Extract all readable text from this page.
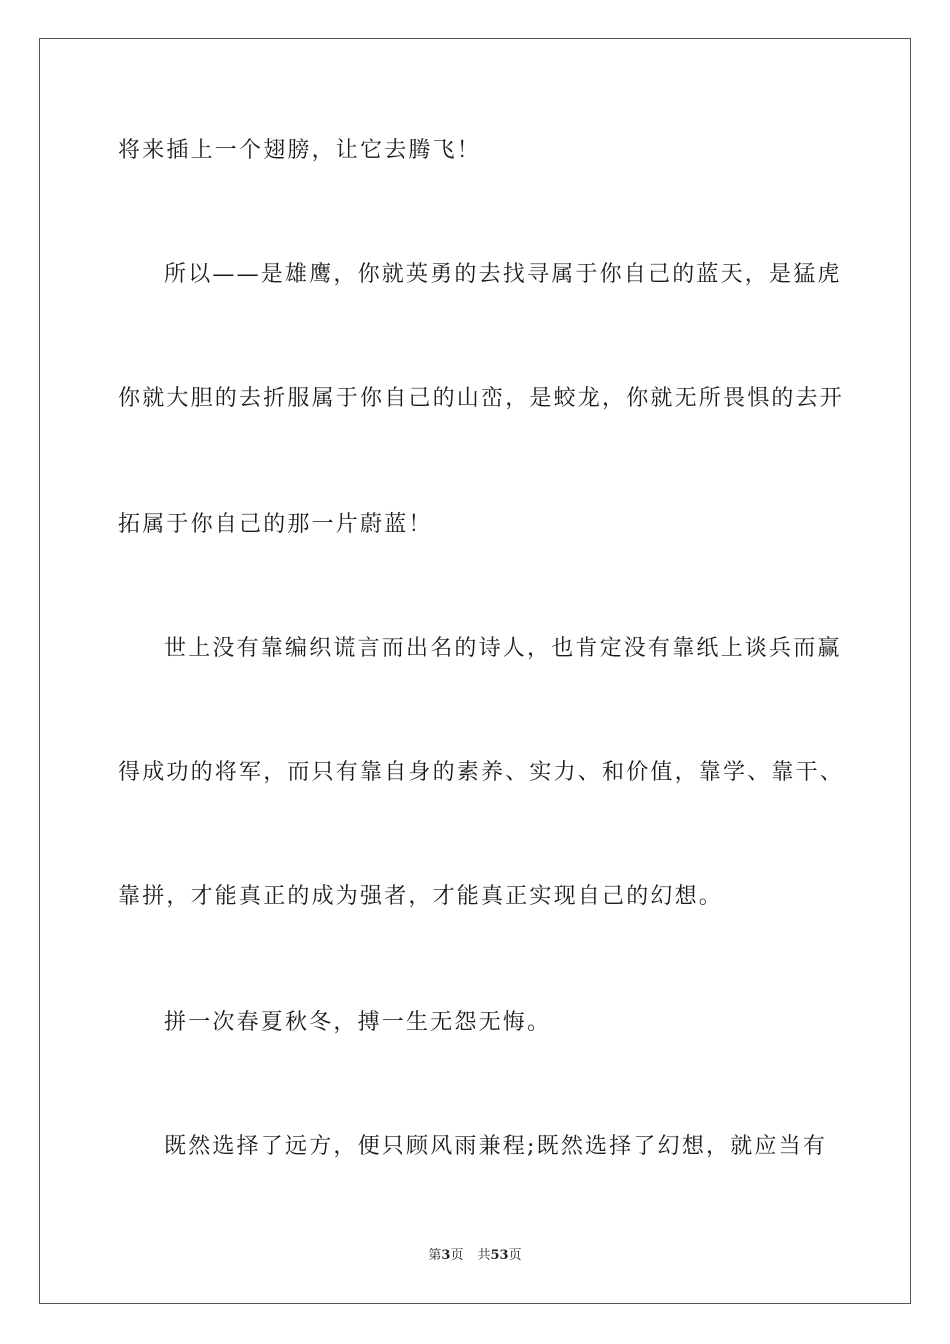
将来插上一个翅膀，让它去腾飞！

所以——是雄鹰，你就英勇的去找寻属于你自己的蓝天，是猛虎

你就大胆的去折服属于你自己的山峦，是蛟龙，你就无所畏惧的去开

拓属于你自己的那一片蔚蓝！

世上没有靠编织谎言而出名的诗人，也肯定没有靠纸上谈兵而赢

得成功的将军，而只有靠自身的素养、实力、和价值，靠学、靠干、

靠拼，才能真正的成为强者，才能真正实现自己的幻想。

拼一次春夏秋冬，搏一生无怨无悔。

既然选择了远方，便只顾风雨兼程;既然选择了幻想，就应当有

第3页 共53页
